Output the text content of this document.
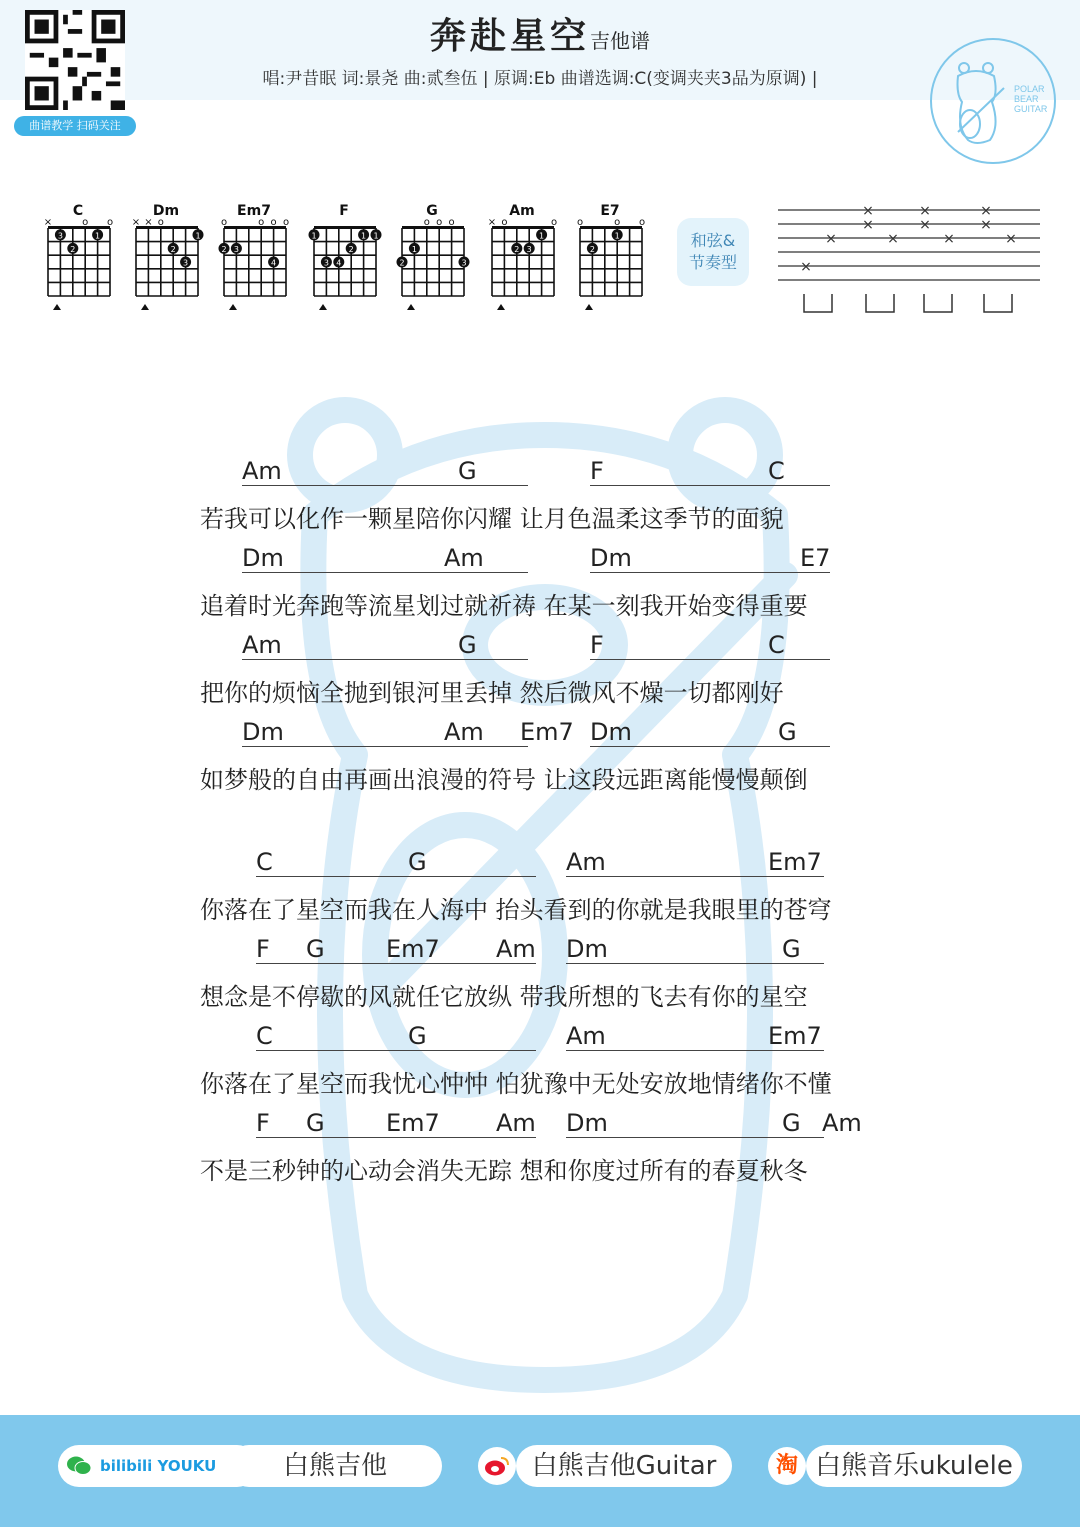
曲谱教学 扫码关注
奔赴星空吉他谱
唱:尹昔眠 词:景尧 曲:贰叁伍 | 原调:Eb 曲谱选调:C(变调夹夹3品为原调) |	POLAR
BEAR
GUITAR
C
×	o o
3
2
1
Dm
× × o
1
2
3
Em7
o	o o o
2 3
4
F
1
2
3 4
1 1
G
o o o
1
2	3
Am
× o	o
1
2 3
E7
o	o o
1
2	和弦&
节奏型
×
×
×
×
×
×
×	×	×	×
×
Am	G	F	C
若我可以化作一颗星陪你闪耀 让月色温柔这季节的面貌
Dm	Am	Dm	E7
追着时光奔跑等流星划过就祈祷 在某一刻我开始变得重要
Am	G	F	C
把你的烦恼全抛到银河里丢掉 然后微风不燥一切都刚好
Dm	Am Em7 Dm	G
如梦般的自由再画出浪漫的符号 让这段远距离能慢慢颠倒
C	G	Am	Em7
你落在了星空而我在人海中 抬头看到的你就是我眼里的苍穹
F G	Em7 Am Dm	G
想念是不停歇的风就任它放纵 带我所想的飞去有你的星空
C	G	Am	Em7
你落在了星空而我忧心忡忡 怕犹豫中无处安放地情绪你不懂
F G	Em7 Am Dm	G Am
不是三秒钟的心动会消失无踪 想和你度过所有的春夏秋冬
bilibili YOUKU	白熊吉他	白熊吉他Guitar	淘 白熊音乐ukulele
